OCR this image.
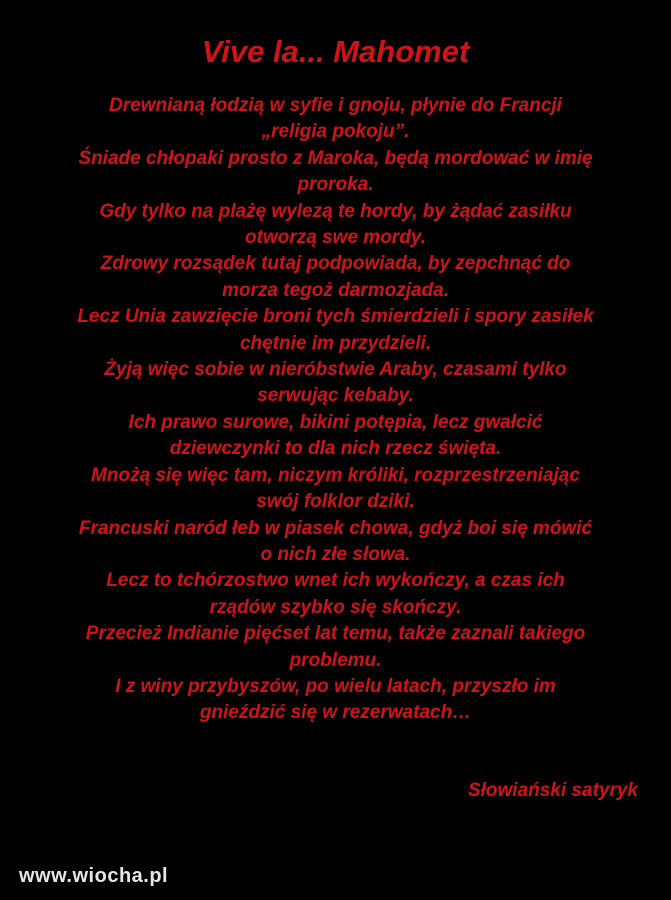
Vive la... Mahomet
Drewnianą łodzią w syfie i gnoju, płynie do Francji
„religia pokoju”.
Śniade chłopaki prosto z Maroka, będą mordować w imię
proroka.
Gdy tylko na plażę wylezą te hordy, by żądać zasiłku
otworzą swe mordy.
Zdrowy rozsądek tutaj podpowiada, by zepchnąć do
morza tegoż darmozjada.
Lecz Unia zawzięcie broni tych śmierdzieli i spory zasiłek
chętnie im przydzieli.
Żyją więc sobie w nieróbstwie Araby, czasami tylko
serwując kebaby.
Ich prawo surowe, bikini potępia, lecz gwałcić
dziewczynki to dla nich rzecz święta.
Mnożą się więc tam, niczym króliki, rozprzestrzeniając
swój folklor dziki.
Francuski naród łeb w piasek chowa, gdyż boi się mówić
o nich złe słowa.
Lecz to tchórzostwo wnet ich wykończy, a czas ich
rządów szybko się skończy.
Przecież Indianie pięćset lat temu, także zaznali takiego
problemu.
I z winy przybyszów, po wielu latach, przyszło im
gnieździć się w rezerwatach…
Słowiański satyryk
www.wiocha.pl
